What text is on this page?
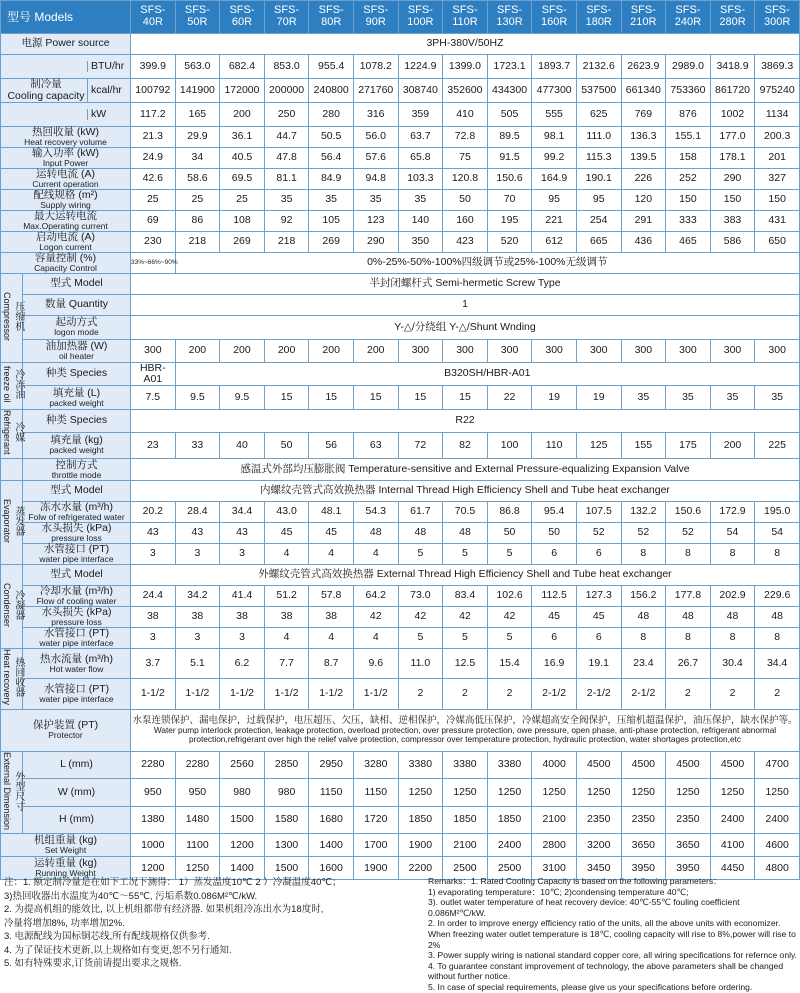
型号 Models		SFS-40R	SFS-50R	SFS-60R	SFS-70R	SFS-80R	SFS-90R	SFS-100R	SFS-110R	SFS-130R	SFS-160R	SFS-180R	SFS-210R	SFS-240R	SFS-280R	SFS-300R
电源 Power source		3PH-380V/50HZ														

BTU/hr		399.9	563.0	682.4	853.0	955.4	1078.2	1224.9	1399.0	1723.1	1893.7	2132.6	2623.9	2989.0	3418.9	3869.3

制冷量
Cooling capacity kcal/hr		100792	141900	172000	200000	240800	271760	308740	352600	434300	477300	537500	661340	753360	861720	975240

kW		117.2	165	200	250	280	316	359	410	505	555	625	769	876	1002	1134

热回收量 (kW)
Heat recovery volume		21.3	29.9	36.1	44.7	50.5	56.0	63.7	72.8	89.5	98.1	111.0	136.3	155.1	177.0	200.3

输入功率 (kW)
Input Power		24.9	34	40.5	47.8	56.4	57.6	65.8	75	91.5	99.2	115.3	139.5	158	178.1	201

运转电流 (A)
Current operation		42.6	58.6	69.5	81.1	84.9	94.8	103.3	120.8	150.6	164.9	190.1	226	252	290	327

配线规格 (m²)
Supply wiring		25	25	25	35	35	35	35	50	70	95	95	120	150	150	150

最大运转电流
Max.Operating current		69	86	108	92	105	123	140	160	195	221	254	291	333	383	431

启动电流 (A)
Logon current		230	218	269	218	269	290	350	423	520	612	665	436	465	586	650

容量控制 (%)
Capacity Control		33%~66%~90%	0%-25%-50%-100%四级调节或25%-100%无级调节													
压缩机
Compressor	型式 Model	半封闭螺杆式 Semi-hermetic Screw Type														
	数量 Quantity	1														

	起动方式
logon mode	Y-△/分绕组 Y-△/Shunt Wnding														

	油加热器 (W)
oil heater	300	200	200	200	200	200	300	300	300	300	300	300	300	300	300
冷冻油
freeze oil	种类 Species	HBR-A01	B320SH/HBR-A01													

	填充量 (L)
packed weight	7.5	9.5	9.5	15	15	15	15	15	22	19	19	35	35	35	35
冷媒
Refrigerant	种类 Species	R22														

	填充量 (kg)
packed weight	23	33	40	50	56	63	72	82	100	110	125	155	175	200	225

	控制方式
throttle mode	感温式外部均压膨胀阀 Temperature-sensitive and External Pressure-equalizing Expansion Valve														
蒸发器
Evaporator	型式 Model	内螺纹壳管式高效换热器 Internal Thread High Efficiency Shell and Tube heat exchanger														

	冻水水量 (m³/h)
Folw of refrigerated water	20.2	28.4	34.4	43.0	48.1	54.3	61.7	70.5	86.8	95.4	107.5	132.2	150.6	172.9	195.0

	水头损失 (kPa)
pressure loss	43	43	43	45	45	48	48	48	50	50	52	52	52	54	54

	水管接口 (PT)
water pipe interface	3	3	3	4	4	4	5	5	5	6	6	8	8	8	8
冷凝器
Condenser	型式 Model	外螺纹壳管式高效换热器 External Thread High Efficiency Shell and Tube heat exchanger														

	冷却水量 (m³/h)
Flow of cooling water	24.4	34.2	41.4	51.2	57.8	64.2	73.0	83.4	102.6	112.5	127.3	156.2	177.8	202.9	229.6

	水头损失 (kPa)
pressure loss	38	38	38	38	38	42	42	42	42	45	45	48	48	48	48

	水管接口 (PT)
water pipe interface	3	3	3	4	4	4	5	5	5	6	6	8	8	8	8
热回收器
Heat recovery	热水流量 (m³/h)
Hot water flow	3.7	5.1	6.2	7.7	8.7	9.6	11.0	12.5	15.4	16.9	19.1	23.4	26.7	30.4	34.4

	水管接口 (PT)
water pipe interface	1-1/2	1-1/2	1-1/2	1-1/2	1-1/2	1-1/2	2	2	2	2-1/2	2-1/2	2-1/2	2	2	2

保护装置 (PT)
Protector		水泵连锁保护、漏电保护，过载保护，电压超压、欠压，缺相、逆相保护，冷媒高低压保护，冷媒超高安全阀保护，压缩机超温保护，油压保护，缺水保护等。
Water pump interlock protection, leakage protection, overload protection, over pressure protection, owe pressure, open phase, anti-phase protection, refrigerant abnormal protection,refrigerant over high the relief valve protection, compressor over temperature protection, hydraulic protection, water shortages protection,etc														

外型尺寸
External Dimension	L (mm)	2280	2280	2560	2850	2950	3280	3380	3380	3380	4000	4500	4500	4500	4500	4700
	W (mm)	950	950	980	980	1150	1150	1250	1250	1250	1250	1250	1250	1250	1250	1250
	H (mm)	1380	1480	1500	1580	1680	1720	1850	1850	1850	2100	2350	2350	2350	2400	2400

机组重量 (kg)
Set Weight		1000	1100	1200	1300	1400	1700	1900	2100	2400	2800	3200	3650	3650	4100	4600

运转重量 (kg)
Running Weight		1200	1250	1400	1500	1600	1900	2200	2500	2500	3100	3450	3950	3950	4450	4800

注：1. 额定制冷量是在如下工况下测得： 1）蒸发温度10℃ 2 ）冷凝温度40℃；

3)热回收器出水温度为40℃～55℃, 污垢系数0.086M²℃/kW.

2. 为提高机组的能效比, 以上机组都带有经济器. 如果机组冷冻出水为18度时,

冷量将增加8%, 功率增加2%.

3. 电源配线为国标铜芯线,所有配线规格仅供参考.

4. 为了保证技术更新,以上规格如有变更,恕不另行通知.

5. 如有特殊要求,订货前请提出要求之规格.

Remarks：1. Rated Cooling Capacity is based on the following parameters：

1) evaporating temperature：10℃; 2)condensing temperature 40℃;

3). outlet water temperature of heat recovery device: 40℃-55℃ fouling coefficient 0.086M²℃/kW.

2. In order to improve energy efficiency ratio of the units, all the above units with economizer.

When freezing water outlet temperature is 18℃, cooling capacity will rise to 8%,power will rise to 2%

3. Power supply wiring is national standard copper core, all wiring specifications for refernce only.

4. To guarantee constant improvement of technology, the above parameters shall be changed

without further notice.

5. In case of special requirements, please give us your specifications before ordering.
